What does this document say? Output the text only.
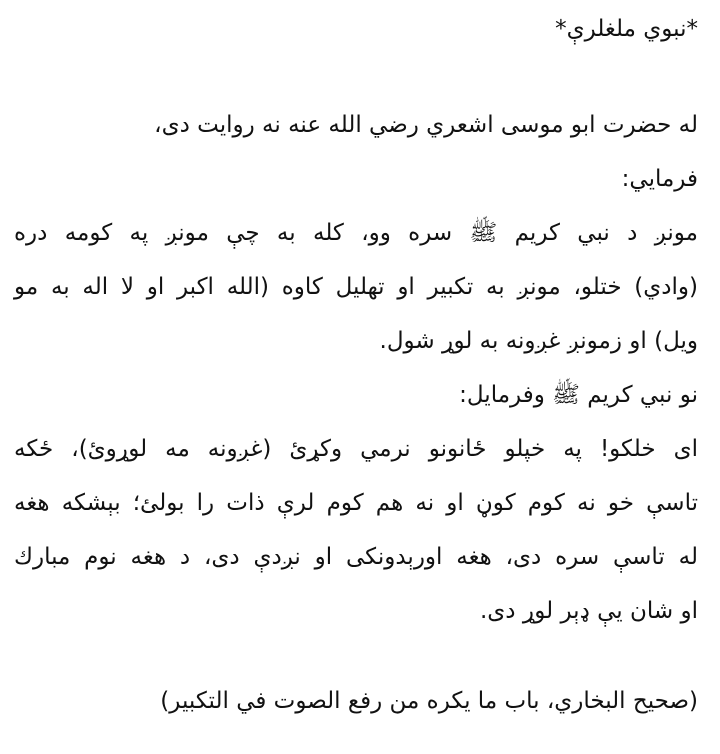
*نبوي ملغلرې*
له حضرت ابو موسی اشعري رضي الله عنه نه روايت دی،
فرمايي:
مونږ د نبي كريم ﷺ سره وو، كله به چې مونږ په كومه دره
(وادي) ختلو، مونږ به تكبير او تهليل كاوه (الله اكبر او لا اله به مو
ويل) او زمونږ غږونه به لوړ شول.
نو نبي كريم ﷺ وفرمايل:
ای خلكو! په خپلو ځانونو نرمي وكړئ (غږونه مه لوړوئ)، ځكه
تاسې خو نه كوم كوڼ او نه هم كوم لرې ذات را بولئ؛ بېشكه هغه
له تاسې سره دی، هغه اورېدونكی او نږدې دی، د هغه نوم مبارك
او شان يې ډېر لوړ دی.
(صحيح البخاري، باب ما يكره من رفع الصوت في التكبير)
